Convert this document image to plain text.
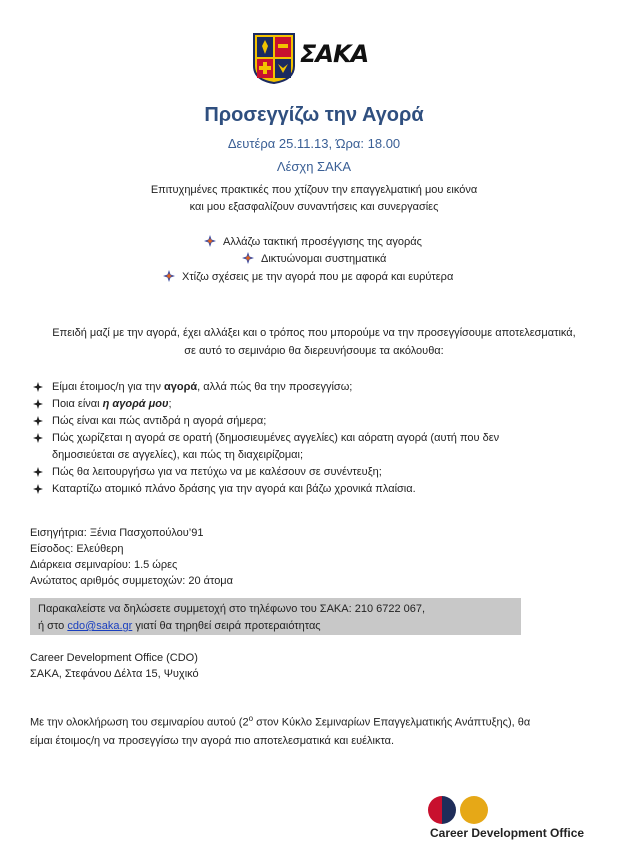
ΣΑΚΑ
Προσεγγίζω την Αγορά
Δευτέρα 25.11.13, Ώρα: 18.00
Λέσχη ΣΑΚΑ
Επιτυχημένες πρακτικές που χτίζουν την επαγγελματική μου εικόνα
και μου εξασφαλίζουν συναντήσεις και συνεργασίες
Αλλάζω τακτική προσέγγισης της αγοράς
Δικτυώνομαι συστηματικά
Χτίζω σχέσεις με την αγορά που με αφορά και ευρύτερα
Επειδή μαζί με την αγορά, έχει αλλάξει και ο τρόπος που μπορούμε να την προσεγγίσουμε αποτελεσματικά,
σε αυτό το σεμινάριο θα διερευνήσουμε τα ακόλουθα:
Είμαι έτοιμος/η για την αγορά, αλλά πώς θα την προσεγγίσω;
Ποια είναι η αγορά μου;
Πώς είναι και πώς αντιδρά η αγορά σήμερα;
Πώς χωρίζεται η αγορά σε ορατή (δημοσιευμένες αγγελίες) και αόρατη αγορά (αυτή που δεν
δημοσιεύεται σε αγγελίες), και πώς τη διαχειρίζομαι;
Πώς θα λειτουργήσω για να πετύχω να με καλέσουν σε συνέντευξη;
Καταρτίζω ατομικό πλάνο δράσης για την αγορά και βάζω χρονικά πλαίσια.
Εισηγήτρια: Ξένια Πασχοπούλου’91
Είσοδος: Ελεύθερη
Διάρκεια σεμιναρίου: 1.5 ώρες
Ανώτατος αριθμός συμμετοχών: 20 άτομα
Παρακαλείστε να δηλώσετε συμμετοχή στο τηλέφωνο του ΣΑΚΑ: 210 6722 067,
ή στο cdo@saka.gr γιατί θα τηρηθεί σειρά προτεραιότητας
Career Development Office (CDO)
ΣΑΚΑ, Στεφάνου Δέλτα 15, Ψυχικό
Με την ολοκλήρωση του σεμιναρίου αυτού ($2^o$ στον Κύκλο Σεμιναρίων Επαγγελματικής Ανάπτυξης), θα
είμαι έτοιμος/η να προσεγγίσω την αγορά πιο αποτελεσματικά και ευέλικτα.
Career Development Office
